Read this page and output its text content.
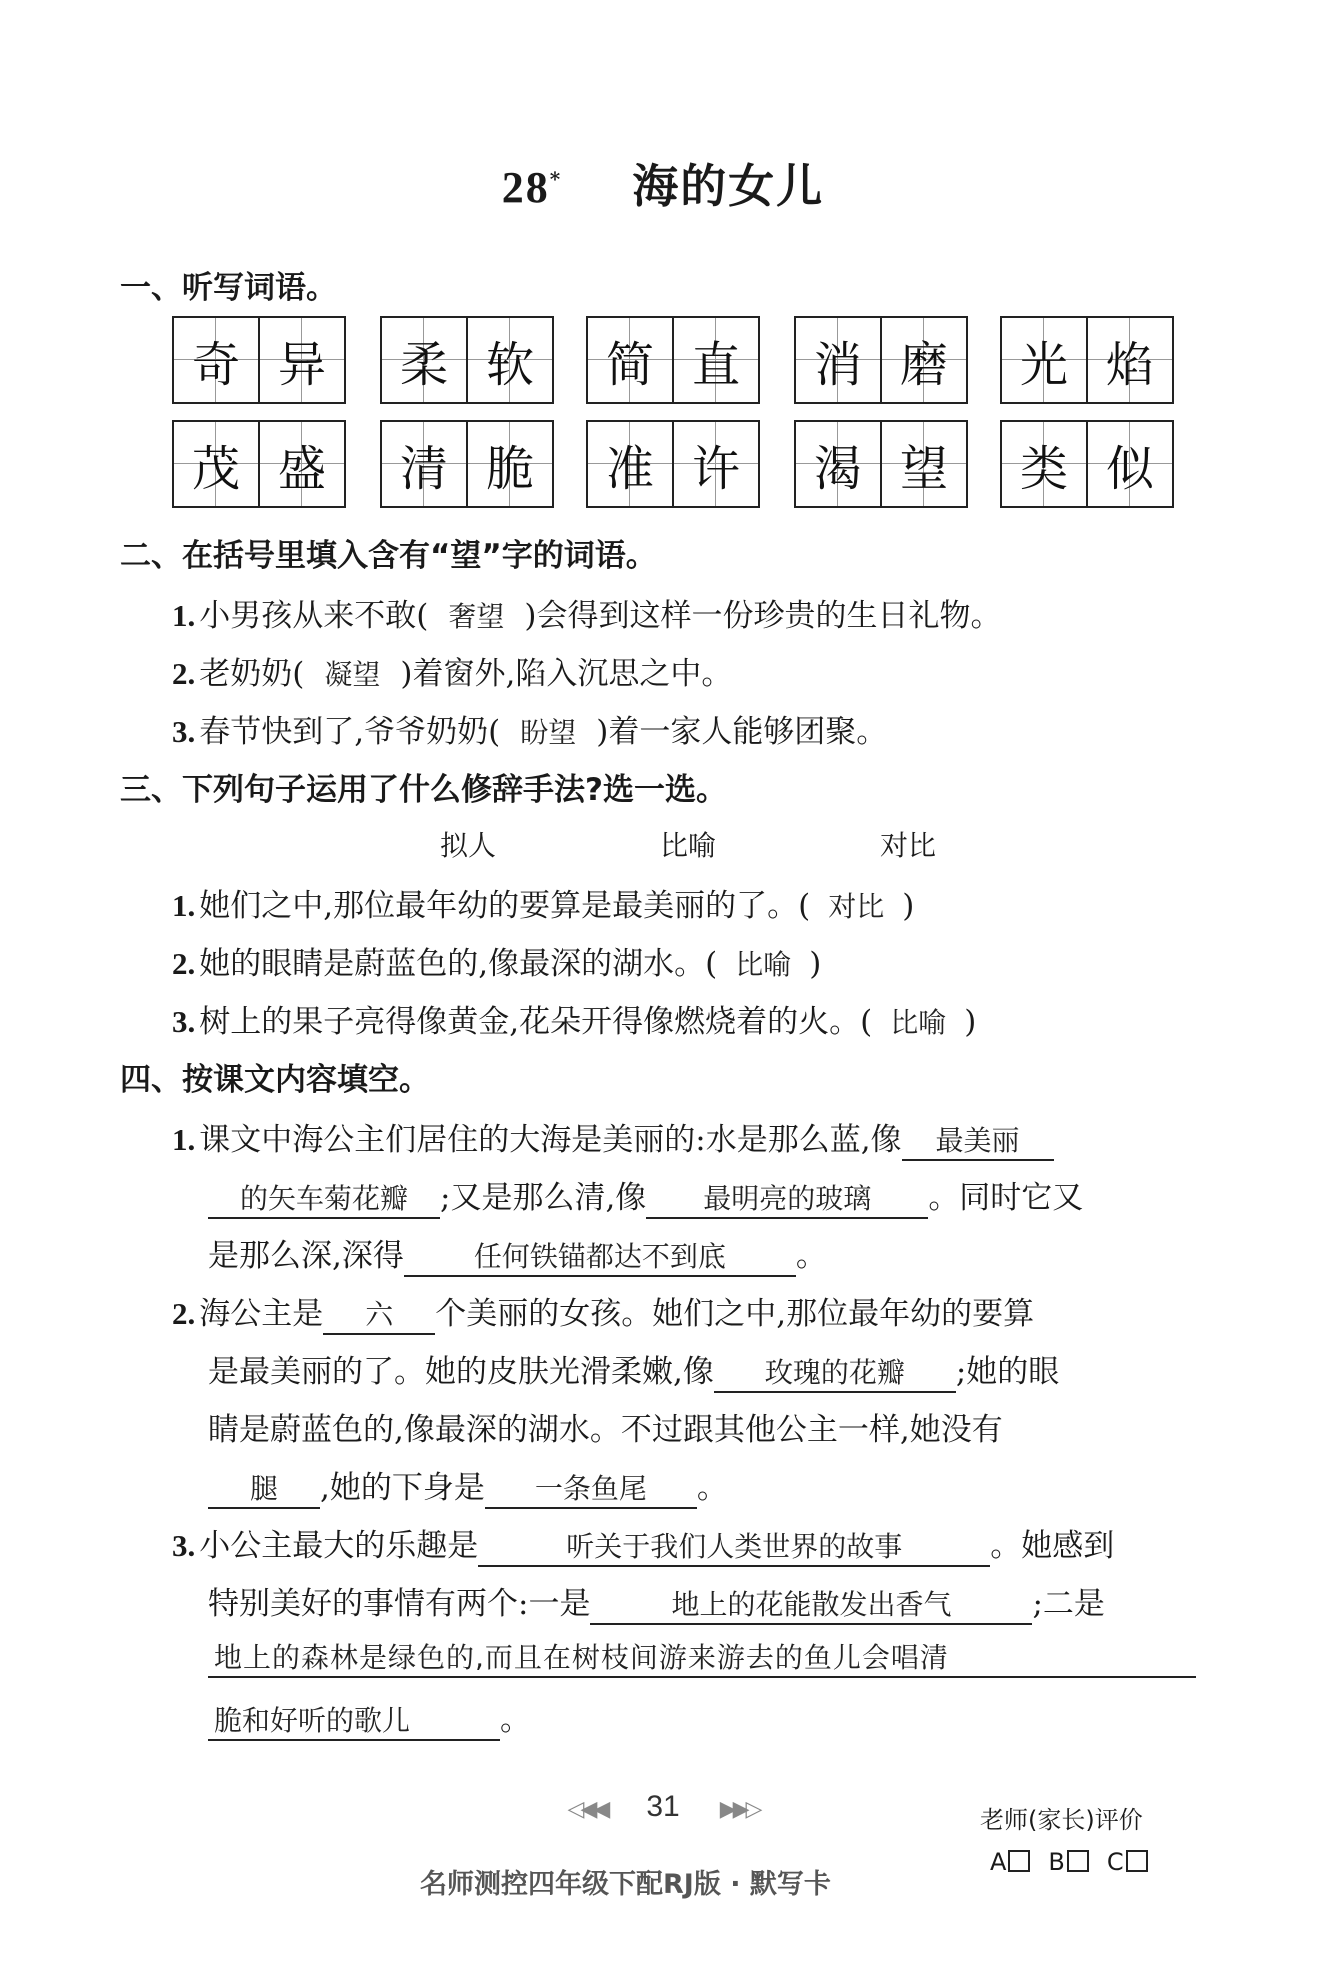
28* 海的女儿
一、听写词语。
奇 异	柔 软	简 直	消 磨	光 焰
茂 盛	清 脆	准 许	渴 望	类 似
二、在括号里填入含有“望”字的词语。
1. 小男孩从来不敢( 奢望 )会得到这样一份珍贵的生日礼物。
2. 老奶奶( 凝望 )着窗外,陷入沉思之中。
3. 春节快到了,爷爷奶奶( 盼望 )着一家人能够团聚。
三、下列句子运用了什么修辞手法?选一选。
拟人	比喻	对比
1. 她们之中,那位最年幼的要算是最美丽的了。( 对比 )
2. 她的眼睛是蔚蓝色的,像最深的湖水。( 比喻 )
3. 树上的果子亮得像黄金,花朵开得像燃烧着的火。( 比喻 )
四、按课文内容填空。
1. 课文中海公主们居住的大海是美丽的:水是那么蓝,像 最美丽
的矢车菊花瓣 ;又是那么清,像 最明亮的玻璃 。同时它又
是那么深,深得 任何铁锚都达不到底 。
2. 海公主是 六 个美丽的女孩。她们之中,那位最年幼的要算
是最美丽的了。她的皮肤光滑柔嫩,像 玫瑰的花瓣 ;她的眼
睛是蔚蓝色的,像最深的湖水。不过跟其他公主一样,她没有
腿 ,她的下身是 一条鱼尾 。
3. 小公主最大的乐趣是	听关于我们人类世界的故事	。她感到
特别美好的事情有两个:一是	地上的花能散发出香气	;二是
地上的森林是绿色的,而且在树枝间游来游去的鱼儿会唱清
脆和好听的歌儿	。
◁◀◀ 31 ▶▶▷	老师(家长)评价
A B C
名师测控四年级下配RJ版 · 默写卡
